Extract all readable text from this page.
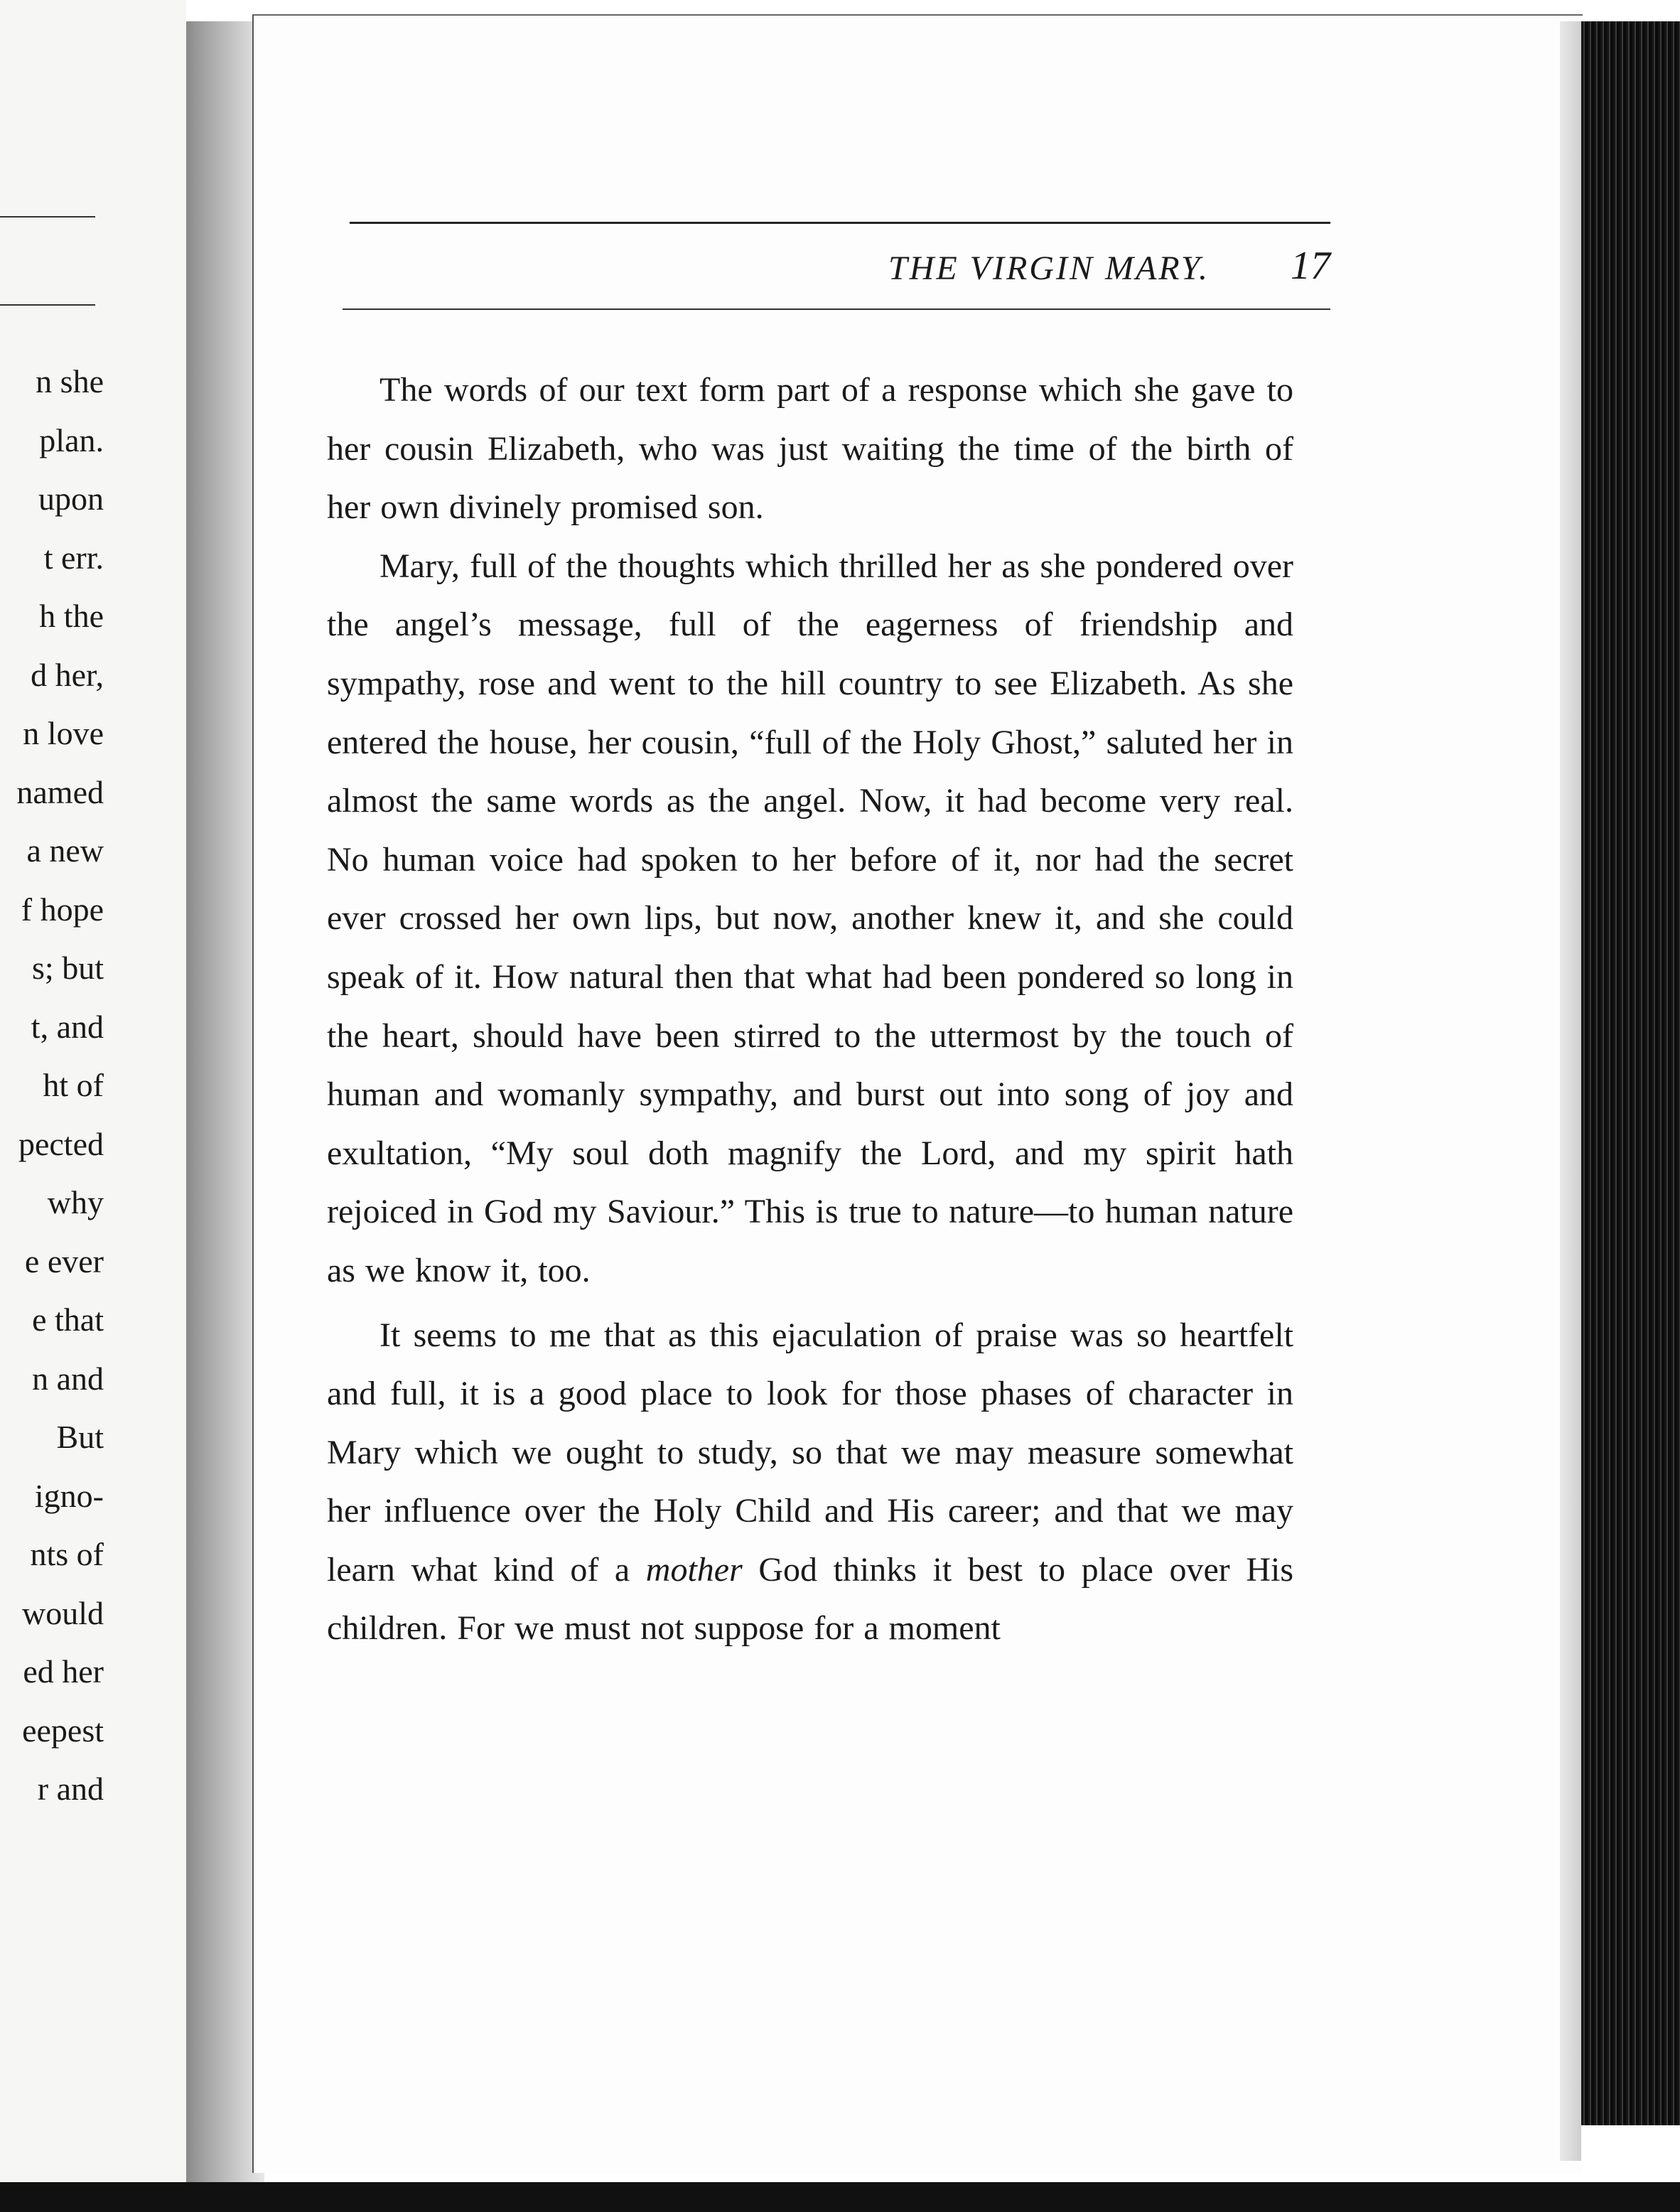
n she
plan.
upon
t err.
h the
d her,
n love
named
a new
f hope
s; but
t, and
ht of
pected
why
e ever
e that
n and
But
igno-
nts of
would
ed her
eepest
r and
THE VIRGIN MARY. 17

The words of our text form part of a response which she gave to her cousin Elizabeth, who was just waiting the time of the birth of her own divinely promised son.

Mary, full of the thoughts which thrilled her as she pondered over the angel’s message, full of the eagerness of friendship and sympathy, rose and went to the hill country to see Elizabeth. As she entered the house, her cousin, “full of the Holy Ghost,” saluted her in almost the same words as the angel. Now, it had become very real. No human voice had spoken to her before of it, nor had the secret ever crossed her own lips, but now, another knew it, and she could speak of it. How natural then that what had been pondered so long in the heart, should have been stirred to the uttermost by the touch of human and womanly sympathy, and burst out into song of joy and exultation, “My soul doth magnify the Lord, and my spirit hath rejoiced in God my Saviour.” This is true to nature—to human nature as we know it, too.

It seems to me that as this ejaculation of praise was so heartfelt and full, it is a good place to look for those phases of character in Mary which we ought to study, so that we may measure somewhat her influence over the Holy Child and His career; and that we may learn what kind of a mother God thinks it best to place over His children. For we must not suppose for a moment
